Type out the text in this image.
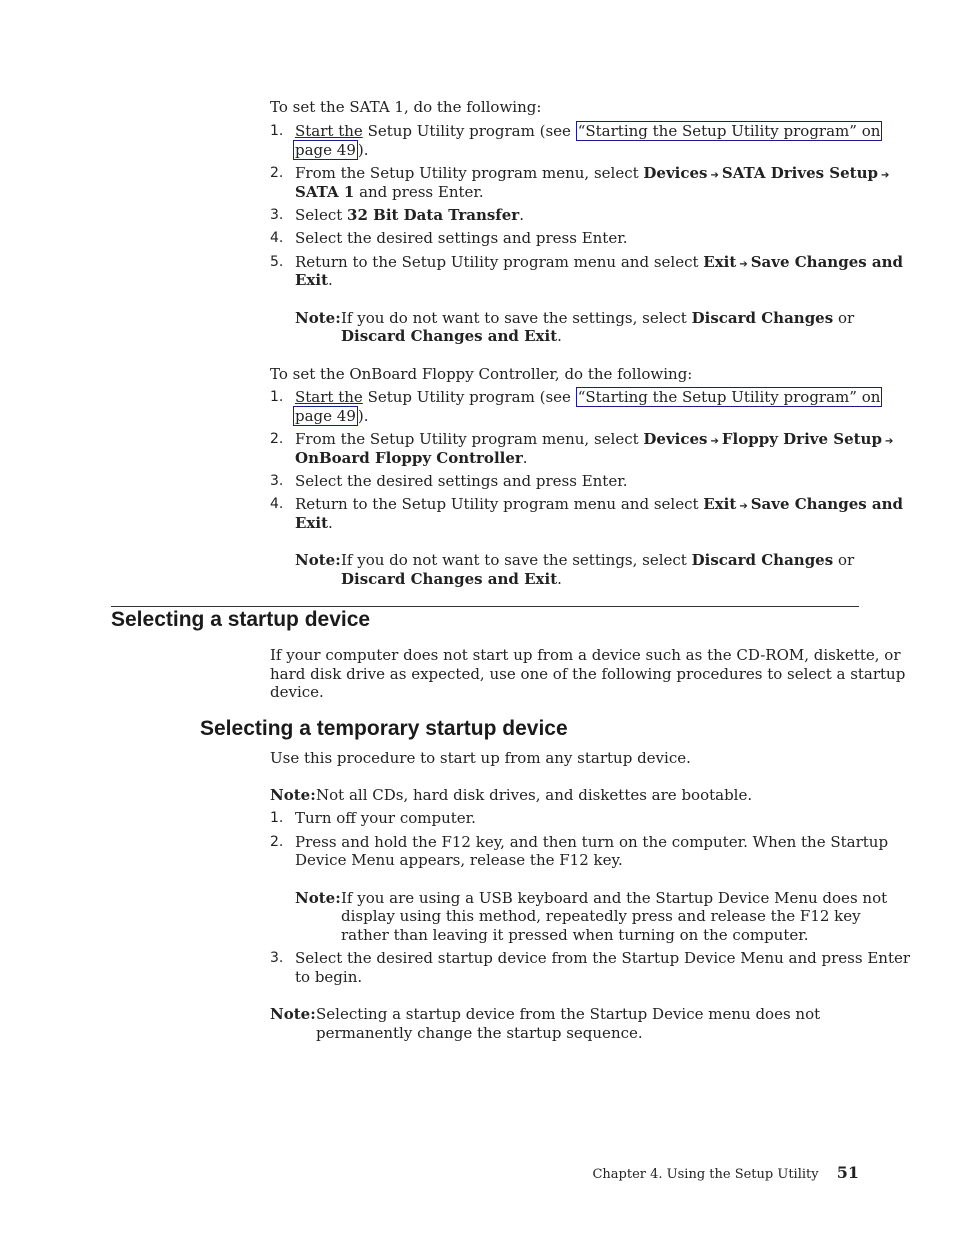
To set the SATA 1, do the following:

1. Start the Setup Utility program (see “Starting the Setup Utility program” on

page 49 ).

2. From the Setup Utility program menu, select Devices ➔ SATA Drives Setup ➔

SATA 1 and press Enter.

3. Select 32 Bit Data Transfer.

4. Select the desired settings and press Enter.

5. Return to the Setup Utility program menu and select Exit ➔ Save Changes and

Exit.

Note: If you do not want to save the settings, select Discard Changes or

Discard Changes and Exit.

To set the OnBoard Floppy Controller, do the following:

1. Start the Setup Utility program (see “Starting the Setup Utility program” on

page 49 ).

2. From the Setup Utility program menu, select Devices ➔ Floppy Drive Setup ➔

OnBoard Floppy Controller.

3. Select the desired settings and press Enter.

4. Return to the Setup Utility program menu and select Exit ➔ Save Changes and

Exit.

Note: If you do not want to save the settings, select Discard Changes or

Discard Changes and Exit.

Selecting a startup device

If your computer does not start up from a device such as the CD-ROM, diskette, or

hard disk drive as expected, use one of the following procedures to select a startup

device.

Selecting a temporary startup device

Use this procedure to start up from any startup device.

Note: Not all CDs, hard disk drives, and diskettes are bootable.

1. Turn off your computer.

2. Press and hold the F12 key, and then turn on the computer. When the Startup

Device Menu appears, release the F12 key.

Note: If you are using a USB keyboard and the Startup Device Menu does not

display using this method, repeatedly press and release the F12 key

rather than leaving it pressed when turning on the computer.

3. Select the desired startup device from the Startup Device Menu and press Enter

to begin.

Note: Selecting a startup device from the Startup Device menu does not

permanently change the startup sequence.

Chapter 4. Using the Setup Utility 51
